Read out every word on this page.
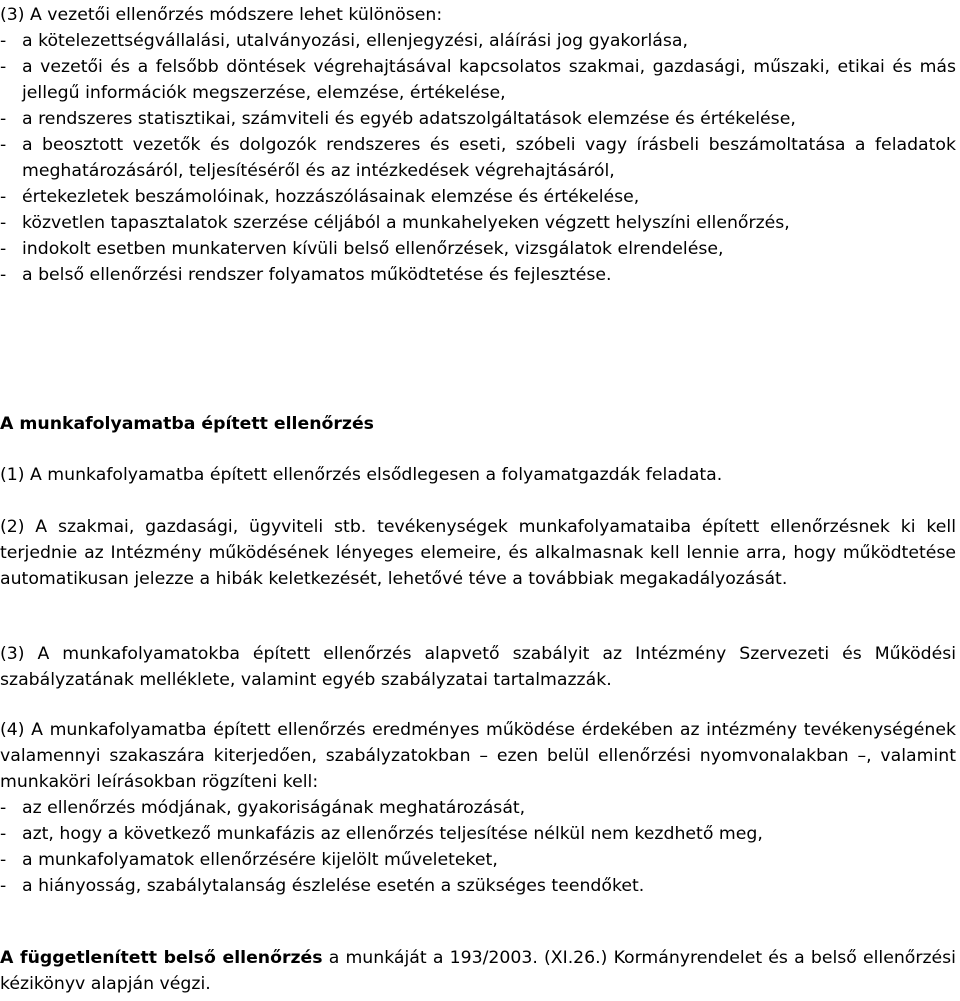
(3) A vezetői ellenőrzés módszere lehet különösen:
- a kötelezettségvállalási, utalványozási, ellenjegyzési, aláírási jog gyakorlása,
- a vezetői és a felsőbb döntések végrehajtásával kapcsolatos szakmai, gazdasági, műszaki, etikai és más jellegű információk megszerzése, elemzése, értékelése,
- a rendszeres statisztikai, számviteli és egyéb adatszolgáltatások elemzése és értékelése,
- a beosztott vezetők és dolgozók rendszeres és eseti, szóbeli vagy írásbeli beszámoltatása a feladatok meghatározásáról, teljesítéséről és az intézkedések végrehajtásáról,
- értekezletek beszámolóinak, hozzászólásainak elemzése és értékelése,
- közvetlen tapasztalatok szerzése céljából a munkahelyeken végzett helyszíni ellenőrzés,
- indokolt esetben munkaterven kívüli belső ellenőrzések, vizsgálatok elrendelése,
- a belső ellenőrzési rendszer folyamatos működtetése és fejlesztése.
A munkafolyamatba épített ellenőrzés
(1) A munkafolyamatba épített ellenőrzés elsődlegesen a folyamatgazdák feladata.
(2) A szakmai, gazdasági, ügyviteli stb. tevékenységek munkafolyamataiba épített ellenőrzésnek ki kell terjednie az Intézmény működésének lényeges elemeire, és alkalmasnak kell lennie arra, hogy működtetése automatikusan jelezze a hibák keletkezését, lehetővé téve a továbbiak megakadályozását.
(3) A munkafolyamatokba épített ellenőrzés alapvető szabályit az Intézmény Szervezeti és Működési szabályzatának melléklete, valamint egyéb szabályzatai tartalmazzák.
(4) A munkafolyamatba épített ellenőrzés eredményes működése érdekében az intézmény tevékenységének valamennyi szakaszára kiterjedően, szabályzatokban – ezen belül ellenőrzési nyomvonalakban –, valamint munkaköri leírásokban rögzíteni kell:
- az ellenőrzés módjának, gyakoriságának meghatározását,
- azt, hogy a következő munkafázis az ellenőrzés teljesítése nélkül nem kezdhető meg,
- a munkafolyamatok ellenőrzésére kijelölt műveleteket,
- a hiányosság, szabálytalanság észlelése esetén a szükséges teendőket.
A függetlenített belső ellenőrzés a munkáját a 193/2003. (XI.26.) Kormányrendelet és a belső ellenőrzési kézikönyv alapján végzi.
